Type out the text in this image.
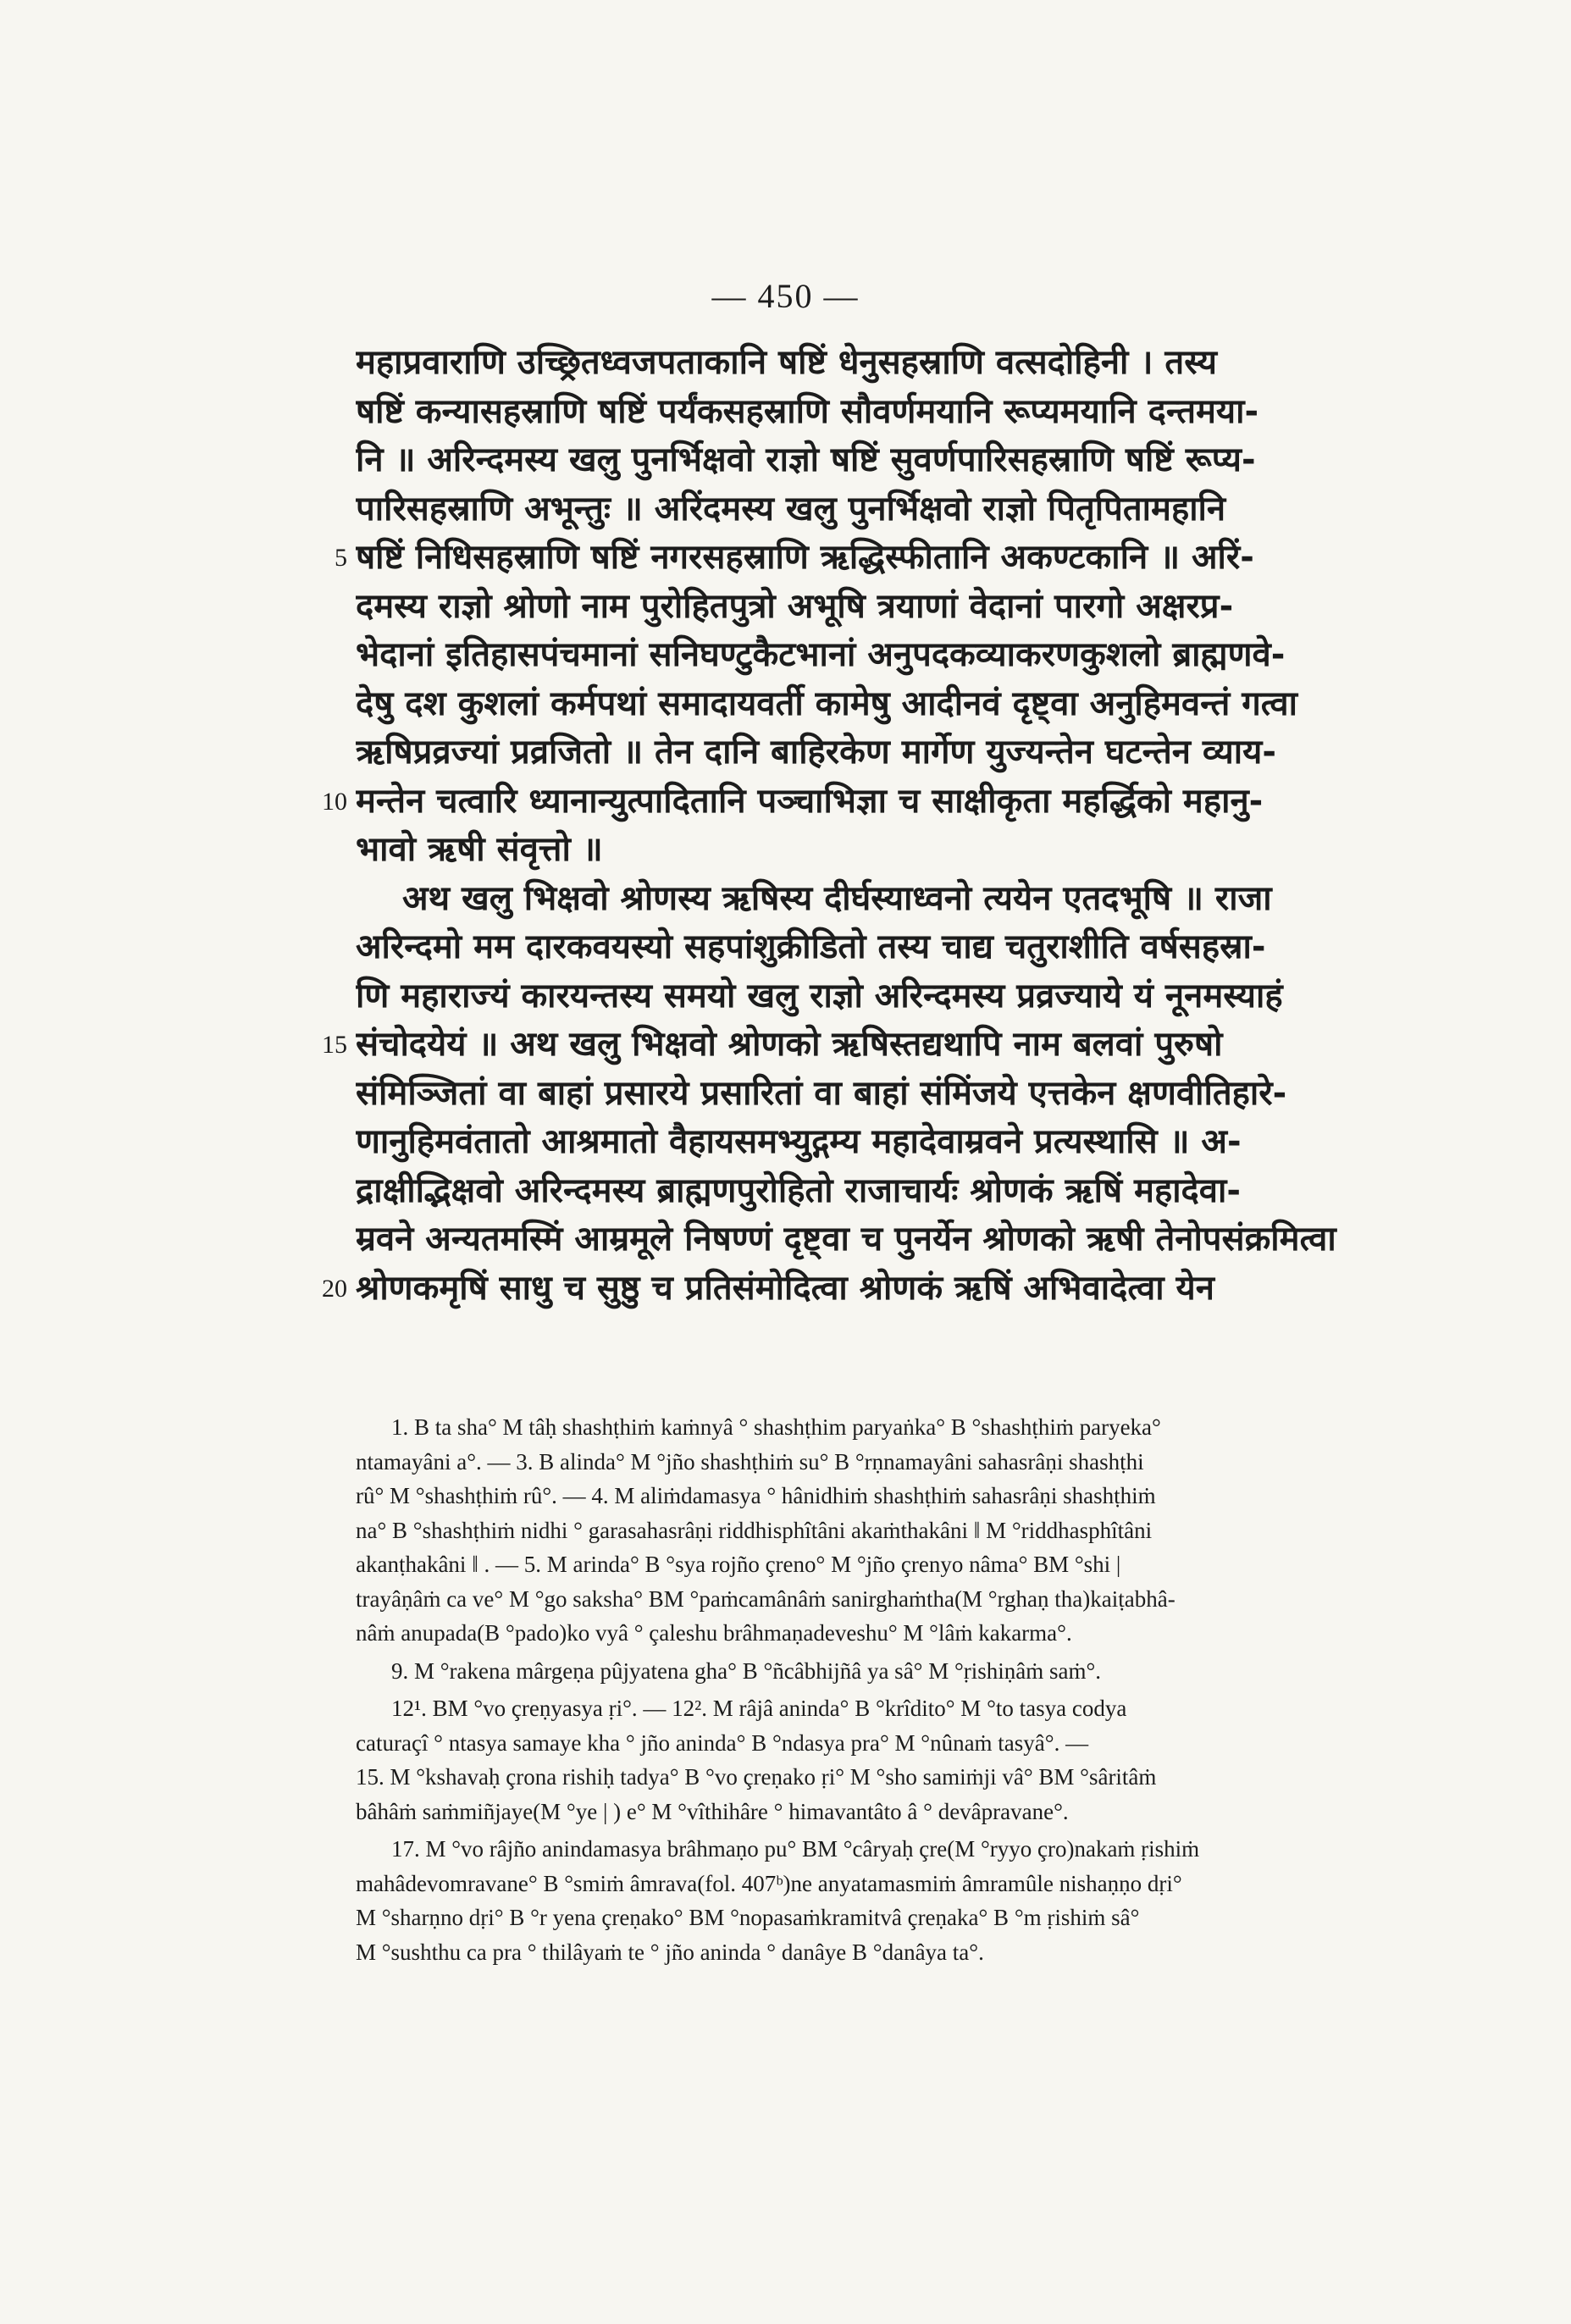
— 450 —
महाप्रवाराणि उच्छ्रितध्वजपताकानि षष्टिं धेनुसहस्राणि वत्सदोहिनी । तस्य
षष्टिं कन्यासहस्राणि षष्टिं पर्यंकसहस्राणि सौवर्णमयानि रूप्यमयानि दन्तमया-
नि ॥ अरिन्दमस्य खलु पुनर्भिक्षवो राज्ञो षष्टिं सुवर्णपारिसहस्राणि षष्टिं रूप्य-
पारिसहस्राणि अभून्तुः ॥ अरिंदमस्य खलु पुनर्भिक्षवो राज्ञो पितृपितामहानि
षष्टिं निधिसहस्राणि षष्टिं नगरसहस्राणि ऋद्धिस्फीतानि अकण्टकानि ॥ अरिं-
दमस्य राज्ञो श्रोणो नाम पुरोहितपुत्रो अभूषि त्रयाणां वेदानां पारगो अक्षरप्र-
भेदानां इतिहासपंचमानां सनिघण्टुकैटभानां अनुपदकव्याकरणकुशलो ब्राह्मणवे-
देषु दश कुशलां कर्मपथां समादायवर्ती कामेषु आदीनवं दृष्ट्वा अनुहिमवन्तं गत्वा
ऋषिप्रव्रज्यां प्रव्रजितो ॥ तेन दानि बाहिरकेण मार्गेण युज्यन्तेन घटन्तेन व्याय-
मन्तेन चत्वारि ध्यानान्युत्पादितानि पञ्चाभिज्ञा च साक्षीकृता महर्द्धिको महानु-
भावो ऋषी संवृत्तो ॥
अथ खलु भिक्षवो श्रोणस्य ऋषिस्य दीर्घस्याध्वनो त्ययेन एतदभूषि ॥ राजा
अरिन्दमो मम दारकवयस्यो सहपांशुक्रीडितो तस्य चाद्य चतुराशीति वर्षसहस्रा-
णि महाराज्यं कारयन्तस्य समयो खलु राज्ञो अरिन्दमस्य प्रव्रज्याये यं नूनमस्याहं
संचोदयेयं ॥ अथ खलु भिक्षवो श्रोणको ऋषिस्तद्यथापि नाम बलवां पुरुषो
संमिञ्जितां वा बाहां प्रसारये प्रसारितां वा बाहां संमिंजये एत्तकेन क्षणवीतिहारे-
णानुहिमवंतातो आश्रमातो वैहायसमभ्युद्गम्य महादेवाम्रवने प्रत्यस्थासि ॥ अ-
द्राक्षीद्भिक्षवो अरिन्दमस्य ब्राह्मणपुरोहितो राजाचार्यः श्रोणकं ऋषिं महादेवा-
म्रवने अन्यतमस्मिं आम्रमूले निषण्णं दृष्ट्वा च पुनर्येन श्रोणको ऋषी तेनोपसंक्रमित्वा
श्रोणकमृषिं साधु च सुष्ठु च प्रतिसंमोदित्वा श्रोणकं ऋषिं अभिवादेत्वा येन
5
10
15
20
1. B ta sha° M tâḥ shashṭhiṁ kaṁnyâ ° shashṭhim paryaṅka° B °shashṭhiṁ paryeka°
ntamayâni a°. — 3. B alinda° M °jño shashṭhiṁ su° B °rṇnamayâni sahasrâṇi shashṭhi
rû° M °shashṭhiṁ rû°. — 4. M aliṁdamasya ° hânidhiṁ shashṭhiṁ sahasrâṇi shashṭhiṁ
na° B °shashṭhiṁ nidhi ° garasahasrâṇi riddhisphîtâni akaṁthakâni ‖ M °riddhasphîtâni
akanṭhakâni ‖ . — 5. M arinda° B °sya rojño çreno° M °jño çrenyo nâma° BM °shi |
trayâṇâṁ ca ve° M °go saksha° BM °paṁcamânâṁ sanirghaṁtha(M °rghaṇ tha)kaiṭabhâ-
nâṁ anupada(B °pado)ko vyâ ° çaleshu brâhmaṇadeveshu° M °lâṁ kakarma°.
9. M °rakena mârgeṇa pûjyatena gha° B °ñcâbhijñâ ya sâ° M °ṛishiṇâṁ saṁ°.
12¹. BM °vo çreṇyasya ṛi°. — 12². M râjâ aninda° B °krîdito° M °to tasya codya
caturaçî ° ntasya samaye kha ° jño aninda° B °ndasya pra° M °nûnaṁ tasyâ°. —
15. M °kshavaḥ çrona rishiḥ tadya° B °vo çreṇako ṛi° M °sho samiṁji vâ° BM °sâritâṁ
bâhâṁ saṁmiñjaye(M °ye | ) e° M °vîthihâre ° himavantâto â ° devâpravane°.
17. M °vo râjño anindamasya brâhmaṇo pu° BM °câryaḥ çre(M °ryyo çro)nakaṁ ṛishiṁ
mahâdevomravane° B °smiṁ âmrava(fol. 407ᵇ)ne anyatamasmiṁ âmramûle nishaṇṇo dṛi°
M °sharṇno dṛi° B °r yena çreṇako° BM °nopasaṁkramitvâ çreṇaka° B °m ṛishiṁ sâ°
M °sushthu ca pra ° thilâyaṁ te ° jño aninda ° danâye B °danâya ta°.
